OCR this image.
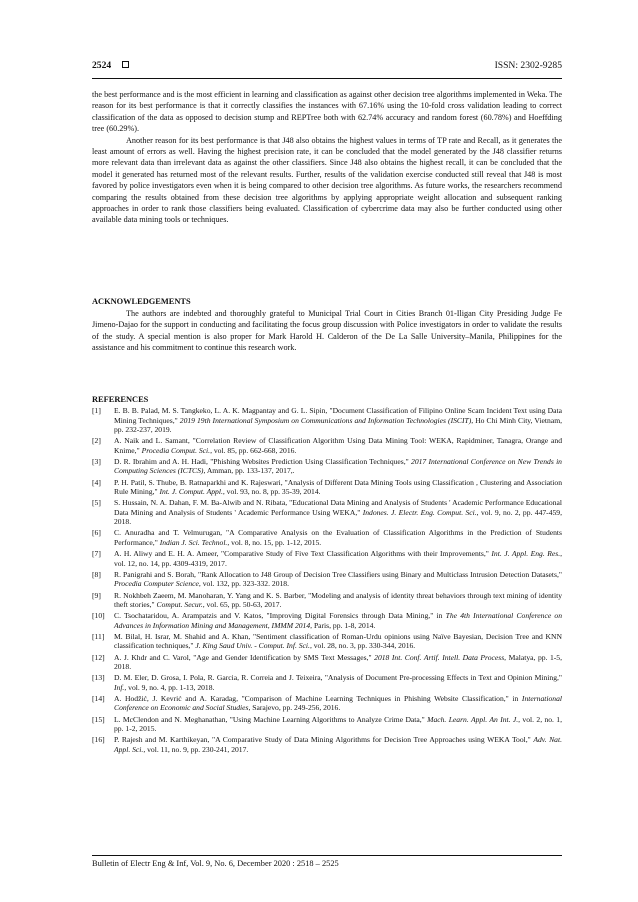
2524	ISSN: 2302-9285

the best performance and is the most efficient in learning and classification as against other decision tree algorithms implemented in Weka. The reason for its best performance is that it correctly classifies the instances with 67.16% using the 10-fold cross validation leading to correct classification of the data as opposed to decision stump and REPTree both with 62.74% accuracy and random forest (60.78%) and Hoeffding tree (60.29%).

Another reason for its best performance is that J48 also obtains the highest values in terms of TP rate and Recall, as it generates the least amount of errors as well. Having the highest precision rate, it can be concluded that the model generated by the J48 classifier returns more relevant data than irrelevant data as against the other classifiers. Since J48 also obtains the highest recall, it can be concluded that the model it generated has returned most of the relevant results. Further, results of the validation exercise conducted still reveal that J48 is most favored by police investigators even when it is being compared to other decision tree algorithms. As future works, the researchers recommend comparing the results obtained from these decision tree algorithms by applying appropriate weight allocation and subsequent ranking approaches in order to rank those classifiers being evaluated. Classification of cybercrime data may also be further conducted using other available data mining tools or techniques.

ACKNOWLEDGEMENTS

The authors are indebted and thoroughly grateful to Municipal Trial Court in Cities Branch 01-Iligan City Presiding Judge Fe Jimeno-Dajao for the support in conducting and facilitating the focus group discussion with Police investigators in order to validate the results of the study. A special mention is also proper for Mark Harold H. Calderon of the De La Salle University–Manila, Philippines for the assistance and his commitment to continue this research work.

REFERENCES
[1] E. B. B. Palad, M. S. Tangkeko, L. A. K. Magpantay and G. L. Sipin, "Document Classification of Filipino Online Scam Incident Text using Data Mining Techniques," 2019 19th International Symposium on Communications and Information Technologies (ISCIT), Ho Chi Minh City, Vietnam, pp. 232-237, 2019.
[2] A. Naik and L. Samant, "Correlation Review of Classification Algorithm Using Data Mining Tool: WEKA, Rapidminer, Tanagra, Orange and Knime," Procedia Comput. Sci., vol. 85, pp. 662-668, 2016.
[3] D. R. Ibrahim and A. H. Hadi, "Phishing Websites Prediction Using Classification Techniques," 2017 International Conference on New Trends in Computing Sciences (ICTCS), Amman, pp. 133-137, 2017,.
[4] P. H. Patil, S. Thube, B. Ratnaparkhi and K. Rajeswari, "Analysis of Different Data Mining Tools using Classification , Clustering and Association Rule Mining," Int. J. Comput. Appl., vol. 93, no. 8, pp. 35-39, 2014.
[5] S. Hussain, N. A. Dahan, F. M. Ba-Alwib and N. Ribata, "Educational Data Mining and Analysis of Students ' Academic Performance Educational Data Mining and Analysis of Students ' Academic Performance Using WEKA," Indones. J. Electr. Eng. Comput. Sci., vol. 9, no. 2, pp. 447-459, 2018.
[6] C. Anuradha and T. Velmurugan, "A Comparative Analysis on the Evaluation of Classification Algorithms in the Prediction of Students Performance," Indian J. Sci. Technol., vol. 8, no. 15, pp. 1-12, 2015.
[7] A. H. Aliwy and E. H. A. Ameer, "Comparative Study of Five Text Classification Algorithms with their Improvements," Int. J. Appl. Eng. Res., vol. 12, no. 14, pp. 4309-4319, 2017.
[8] R. Panigrahi and S. Borah, "Rank Allocation to J48 Group of Decision Tree Classifiers using Binary and Multiclass Intrusion Detection Datasets," Procedia Computer Science, vol. 132, pp. 323-332. 2018.
[9] R. Nokhbeh Zaeem, M. Manoharan, Y. Yang and K. S. Barber, "Modeling and analysis of identity threat behaviors through text mining of identity theft stories," Comput. Secur., vol. 65, pp. 50-63, 2017.
[10] C. Tsochataridou, A. Arampatzis and V. Katos, "Improving Digital Forensics through Data Mining," in The 4th International Conference on Advances in Information Mining and Management, IMMM 2014, Paris, pp. 1-8, 2014.
[11] M. Bilal, H. Israr, M. Shahid and A. Khan, "Sentiment classification of Roman-Urdu opinions using Naïve Bayesian, Decision Tree and KNN classification techniques," J. King Saud Univ. - Comput. Inf. Sci., vol. 28, no. 3, pp. 330-344, 2016.
[12] A. J. Khdr and C. Varol, "Age and Gender Identification by SMS Text Messages," 2018 Int. Conf. Artif. Intell. Data Process, Malatya, pp. 1-5, 2018.
[13] D. M. Eler, D. Grosa, I. Pola, R. Garcia, R. Correia and J. Teixeira, "Analysis of Document Pre-processing Effects in Text and Opinion Mining," Inf., vol. 9, no. 4, pp. 1-13, 2018.
[14] A. Hodžić, J. Kevrić and A. Karadag, "Comparison of Machine Learning Techniques in Phishing Website Classification," in International Conference on Economic and Social Studies, Sarajevo, pp. 249-256, 2016.
[15] L. McClendon and N. Meghanathan, "Using Machine Learning Algorithms to Analyze Crime Data," Mach. Learn. Appl. An Int. J., vol. 2, no. 1, pp. 1-2, 2015.
[16] P. Rajesh and M. Karthikeyan, "A Comparative Study of Data Mining Algorithms for Decision Tree Approaches using WEKA Tool," Adv. Nat. Appl. Sci., vol. 11, no. 9, pp. 230-241, 2017.
Bulletin of Electr Eng & Inf, Vol. 9, No. 6, December 2020 : 2518 – 2525
